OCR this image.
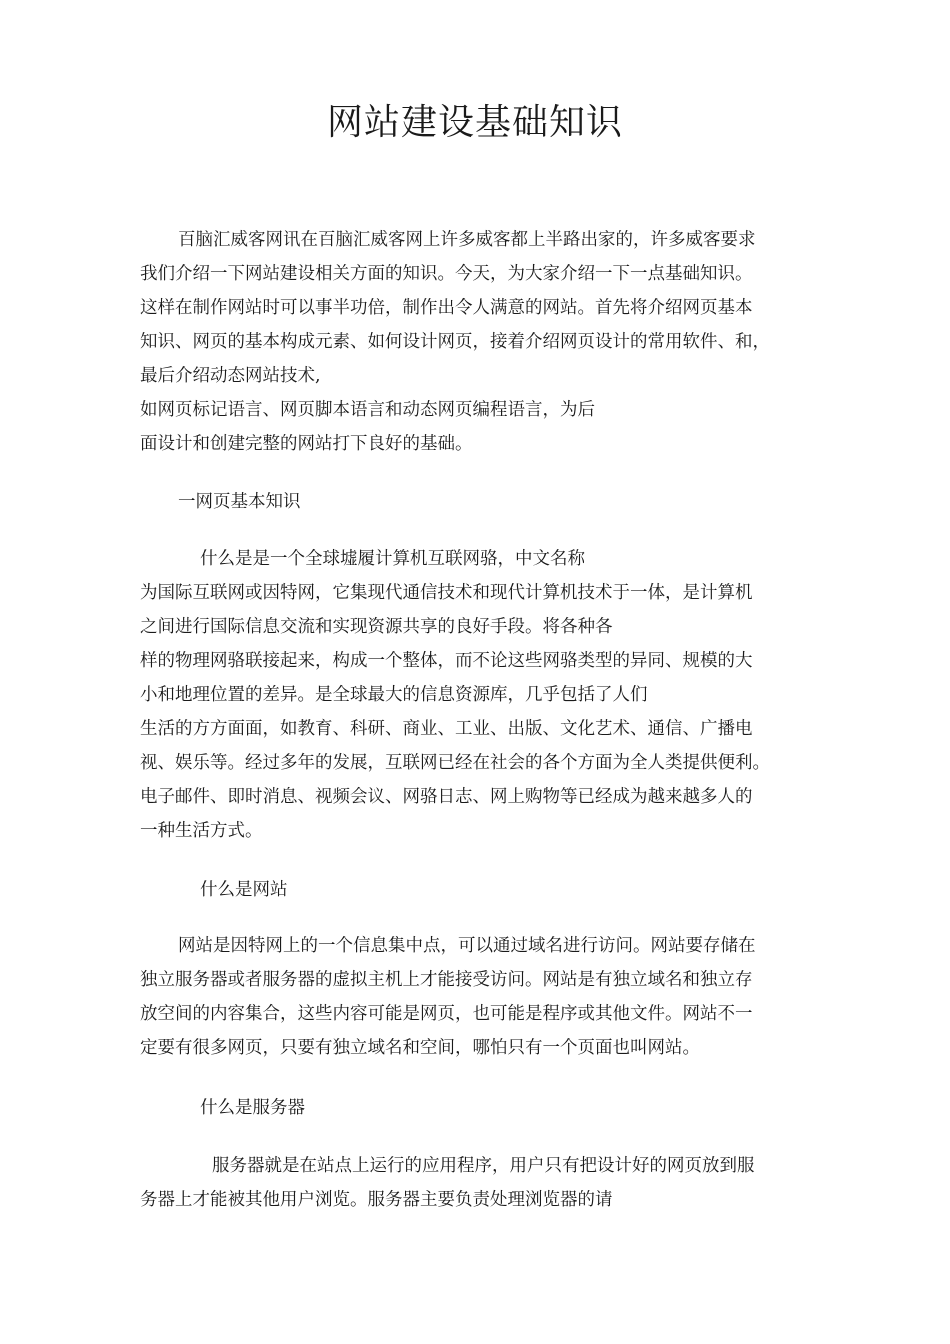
网站建设基础知识

百脑汇威客网讯在百脑汇威客网上许多威客都上半路出家的，许多威客要求

我们介绍一下网站建设相关方面的知识。今天，为大家介绍一下一点基础知识。

这样在制作网站时可以事半功倍，制作出令人满意的网站。首先将介绍网页基本

知识、网页的基本构成元素、如何设计网页，接着介绍网页设计的常用软件、和，

最后介绍动态网站技术,

如网页标记语言、网页脚本语言和动态网页编程语言，为后

面设计和创建完整的网站打下良好的基础。

一网页基本知识

什么是是一个全球墟履计算机互联网骆，中文名称

为国际互联网或因特网，它集现代通信技术和现代计算机技术于一体，是计算机

之间进行国际信息交流和实现资源共享的良好手段。将各种各

样的物理网骆联接起来，构成一个整体，而不论这些网骆类型的异同、规模的大

小和地理位置的差异。是全球最大的信息资源库，几乎包括了人们

生活的方方面面，如教育、科研、商业、工业、出版、文化艺术、通信、广播电

视、娱乐等。经过多年的发展，互联网已经在社会的各个方面为全人类提供便利。

电子邮件、即时消息、视频会议、网骆日志、网上购物等已经成为越来越多人的

一种生活方式。

什么是网站

网站是因特网上的一个信息集中点，可以通过域名进行访问。网站要存储在

独立服务器或者服务器的虚拟主机上才能接受访问。网站是有独立域名和独立存

放空间的内容集合，这些内容可能是网页，也可能是程序或其他文件。网站不一

定要有很多网页，只要有独立域名和空间，哪怕只有一个页面也叫网站。

什么是服务器

服务器就是在站点上运行的应用程序，用户只有把设计好的网页放到服

务器上才能被其他用户浏览。服务器主要负责处理浏览器的请
